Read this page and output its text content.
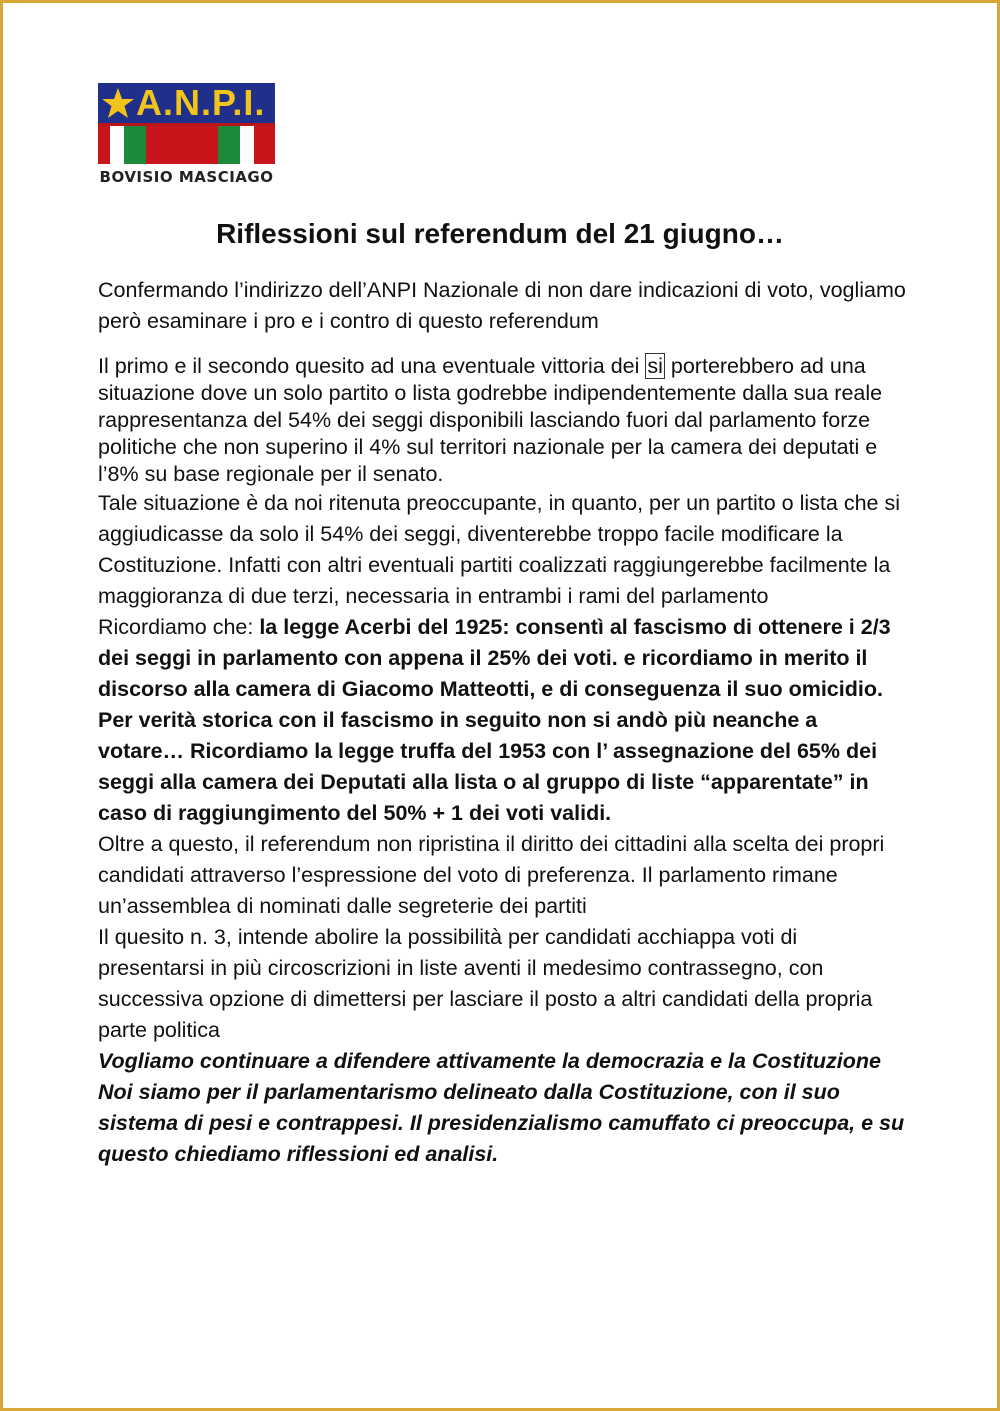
A.N.P.I.
BOVISIO MASCIAGO
Riflessioni sul referendum del 21 giugno…

Confermando l’indirizzo dell’ANPI Nazionale di non dare indicazioni di voto, vogliamo però esaminare i pro e i contro di questo referendum

Il primo e il secondo quesito ad una eventuale vittoria dei si porterebbero ad una situazione dove un solo partito o lista godrebbe indipendentemente dalla sua reale rappresentanza del 54% dei seggi disponibili lasciando fuori dal parlamento forze politiche che non superino il 4% sul territori nazionale per la camera dei deputati e l’8% su base regionale per il senato.

Tale situazione è da noi ritenuta preoccupante, in quanto, per un partito o lista che si aggiudicasse da solo il 54% dei seggi, diventerebbe troppo facile modificare la Costituzione. Infatti con altri eventuali partiti coalizzati raggiungerebbe facilmente la maggioranza di due terzi, necessaria in entrambi i rami del parlamento

Ricordiamo che: la legge Acerbi del 1925: consentì al fascismo di ottenere i 2/3 dei seggi in parlamento con appena il 25% dei voti. e ricordiamo in merito il discorso alla camera di Giacomo Matteotti, e di conseguenza il suo omicidio. Per verità storica con il fascismo in seguito non si andò più neanche a votare… Ricordiamo la legge truffa del 1953 con l’ assegnazione del 65% dei seggi alla camera dei Deputati alla lista o al gruppo di liste “apparentate” in caso di raggiungimento del 50% + 1 dei voti validi.

Oltre a questo, il referendum non ripristina il diritto dei cittadini alla scelta dei propri candidati attraverso l’espressione del voto di preferenza. Il parlamento rimane un’assemblea di nominati dalle segreterie dei partiti

Il quesito n. 3, intende abolire la possibilità per candidati acchiappa voti di presentarsi in più circoscrizioni in liste aventi il medesimo contrassegno, con successiva opzione di dimettersi per lasciare il posto a altri candidati della propria parte politica

Vogliamo continuare a difendere attivamente la democrazia e la Costituzione

Noi siamo per il parlamentarismo delineato dalla Costituzione, con il suo sistema di pesi e contrappesi. Il presidenzialismo camuffato ci preoccupa, e su questo chiediamo riflessioni ed analisi.
